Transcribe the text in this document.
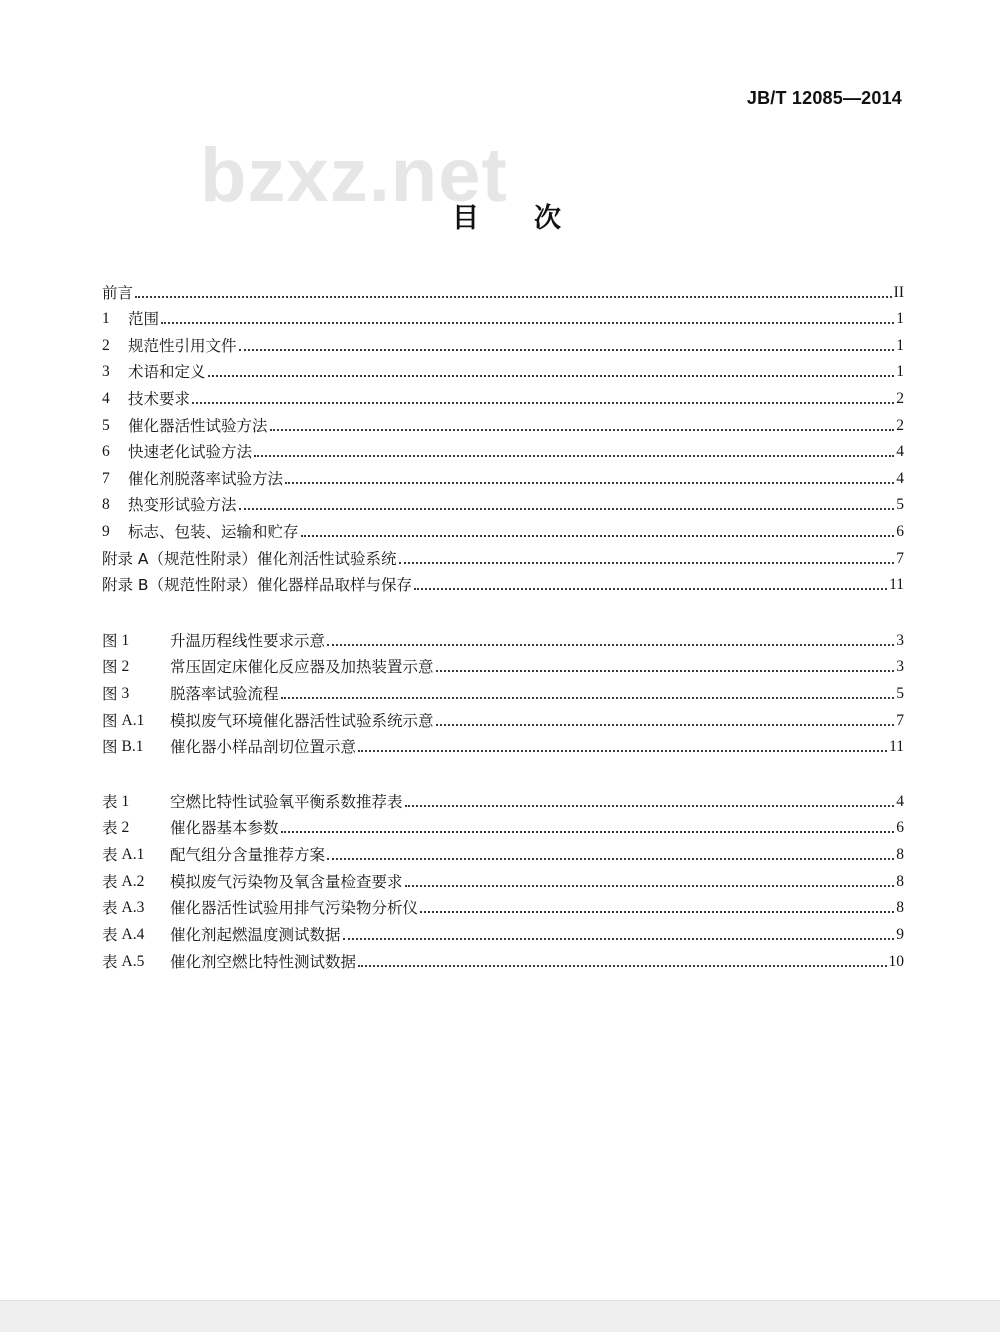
JB/T 12085—2014
bzxz.net
目次
前言	II
1	范围	1
2	规范性引用文件	1
3	术语和定义	1
4	技术要求	2
5	催化器活性试验方法	2
6	快速老化试验方法	4
7	催化剂脱落率试验方法	4
8	热变形试验方法	5
9	标志、包装、运输和贮存	6
附录 A（规范性附录）催化剂活性试验系统	7
附录 B（规范性附录）催化器样品取样与保存	11
图 1	升温历程线性要求示意	3
图 2	常压固定床催化反应器及加热装置示意	3
图 3	脱落率试验流程	5
图 A.1 模拟废气环境催化器活性试验系统示意	7
图 B.1 催化器小样品剖切位置示意	11
表 1	空燃比特性试验氧平衡系数推荐表	4
表 2	催化器基本参数	6
表 A.1 配气组分含量推荐方案	8
表 A.2 模拟废气污染物及氧含量检查要求	8
表 A.3 催化器活性试验用排气污染物分析仪	8
表 A.4 催化剂起燃温度测试数据	9
表 A.5 催化剂空燃比特性测试数据	10
